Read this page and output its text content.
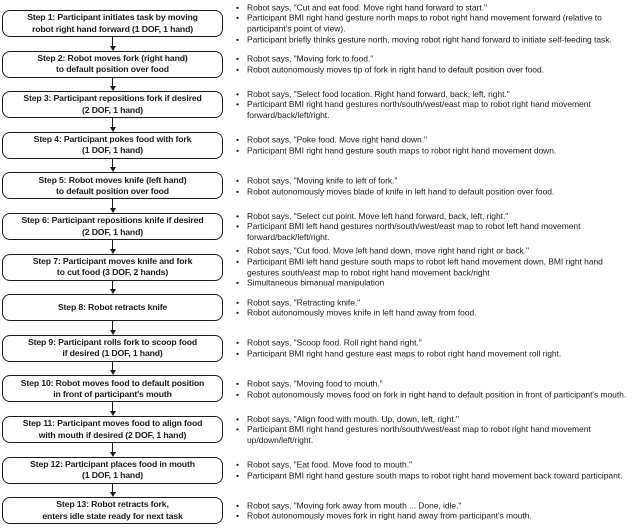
Step 1: Participant initiates task by moving
robot right hand forward (1 DOF, 1 hand)
• Robot says, "Cut and eat food. Move right hand forward to start."
• Participant BMI right hand gesture north maps to robot right hand movement forward (relative to participant's point of view).
• Participant briefly thinks gesture north, moving robot right hand forward to initiate self-feeding task.
Step 2: Robot moves fork (right hand)
to default position over food
• Robot says, "Moving fork to food."
• Robot autonomously moves tip of fork in right hand to default position over food.
Step 3: Participant repositions fork if desired
(2 DOF, 1 hand)
• Robot says, "Select food location. Right hand forward, back, left, right."
• Participant BMI right hand gestures north/south/west/east map to robot right hand movement forward/back/left/right.
Step 4: Participant pokes food with fork
(1 DOF, 1 hand)
• Robot says, "Poke food. Move right hand down."
• Participant BMI right hand gesture south maps to robot right hand movement down.
Step 5: Robot moves knife (left hand)
to default position over food
• Robot says, "Moving knife to left of fork."
• Robot autonomously moves blade of knife in left hand to default position over food.
Step 6: Participant repositions knife if desired
(2 DOF, 1 hand)
• Robot says, "Select cut point. Move left hand forward, back, left, right."
• Participant BMI left hand gestures north/south/west/east map to robot left hand movement forward/back/left/right.
Step 7: Participant moves knife and fork
to cut food (3 DOF, 2 hands)
• Robot says, "Cut food. Move left hand down, move right hand right or back."
• Participant BMI left hand gesture south maps to robot left hand movement down, BMI right hand gestures south/east map to robot right hand movement back/right
• Simultaneous bimanual manipulation
Step 8: Robot retracts knife
• Robot says, "Retracting knife."
• Robot autonomously moves knife in left hand away from food.
Step 9: Participant rolls fork to scoop food
if desired (1 DOF, 1 hand)
• Robot says, "Scoop food. Roll right hand right."
• Participant BMI right hand gesture east maps to robot right hand movement roll right.
Step 10: Robot moves food to default position
in front of participant's mouth
• Robot says, "Moving food to mouth."
• Robot autonomously moves food on fork in right hand to default position in front of participant's mouth.
Step 11: Participant moves food to align food
with mouth if desired (2 DOF, 1 hand)
• Robot says, "Align food with mouth. Up, down, left, right."
• Participant BMI right hand gestures north/south/west/east map to robot right hand movement up/down/left/right.
Step 12: Participant places food in mouth
(1 DOF, 1 hand)
• Robot says, "Eat food. Move food to mouth."
• Participant BMI right hand gesture south maps to robot right hand movement back toward participant.
Step 13: Robot retracts fork,
enters idle state ready for next task
• Robot says, "Moving fork away from mouth ... Done, idle."
• Robot autonomously moves fork in right hand away from participant's mouth.
